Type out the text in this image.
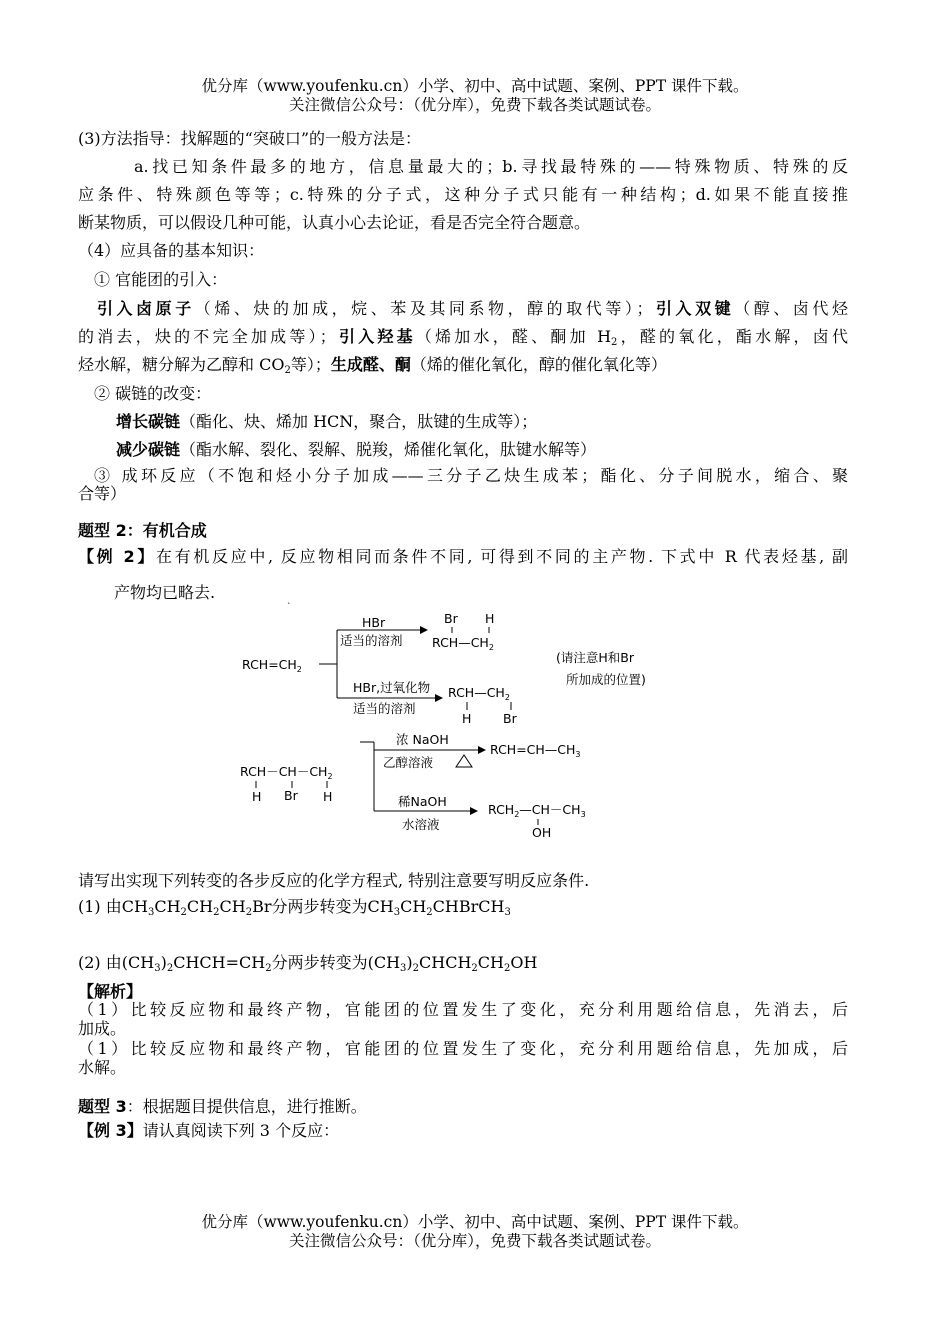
优分库（www.youfenku.cn）小学、初中、高中试题、案例、PPT 课件下载。
关注微信公众号：（优分库），免费下载各类试题试卷。
(3)方法指导：找解题的“突破口”的一般方法是：
a.找已知条件最多的地方，信息量最大的；b.寻找最特殊的——特殊物质、特殊的反
应条件、特殊颜色等等；c.特殊的分子式，这种分子式只能有一种结构；d.如果不能直接推
断某物质，可以假设几种可能，认真小心去论证，看是否完全符合题意。
（4）应具备的基本知识：
① 官能团的引入：
引入卤原子（烯、炔的加成，烷、苯及其同系物，醇的取代等）；引入双键（醇、卤代烃
的消去，炔的不完全加成等）；引入羟基（烯加水，醛、酮加 $H_2$，醛的氧化，酯水解，卤代
烃水解，糖分解为乙醇和 $CO_2$等）；生成醛、酮（烯的催化氧化，醇的催化氧化等）
② 碳链的改变：
增长碳链（酯化、炔、烯加 HCN，聚合，肽键的生成等）；
减少碳链（酯水解、裂化、裂解、脱羧，烯催化氧化，肽键水解等）
③ 成环反应（不饱和烃小分子加成——三分子乙炔生成苯；酯化、分子间脱水，缩合、聚
合等）
题型 2：有机合成
【例 2】在有机反应中, 反应物相同而条件不同, 可得到不同的主产物. 下式中 R 代表烃基, 副
产物均已略去.
`
$RCH=CH_2$
HBr
适当的溶剂
Br H
$RCH—CH_2$
HBr,过氧化物
适当的溶剂
$RCH—CH_2$
H	Br
(请注意H和Br
所加成的位置)
$RCH-CH-CH_2$
H Br H
浓 NaOH
乙醇溶液
$RCH=CH—CH_3$
稀NaOH
水溶液
$RCH_2—CH-CH_3$
OH
请写出实现下列转变的各步反应的化学方程式, 特别注意要写明反应条件.
(1) 由$CH_3CH_2CH_2CH_2Br$分两步转变为$CH_3CH_2CHBrCH_3$
(2) 由$(CH_3)_2CHCH=CH_2$分两步转变为$(CH_3)_2CHCH_2CH_2OH$
【解析】
（1）比较反应物和最终产物，官能团的位置发生了变化，充分利用题给信息，先消去，后
加成。
（1）比较反应物和最终产物，官能团的位置发生了变化，充分利用题给信息，先加成，后
水解。
题型 3：根据题目提供信息，进行推断。
【例 3】请认真阅读下列 3 个反应：
优分库（www.youfenku.cn）小学、初中、高中试题、案例、PPT 课件下载。
关注微信公众号：（优分库），免费下载各类试题试卷。
